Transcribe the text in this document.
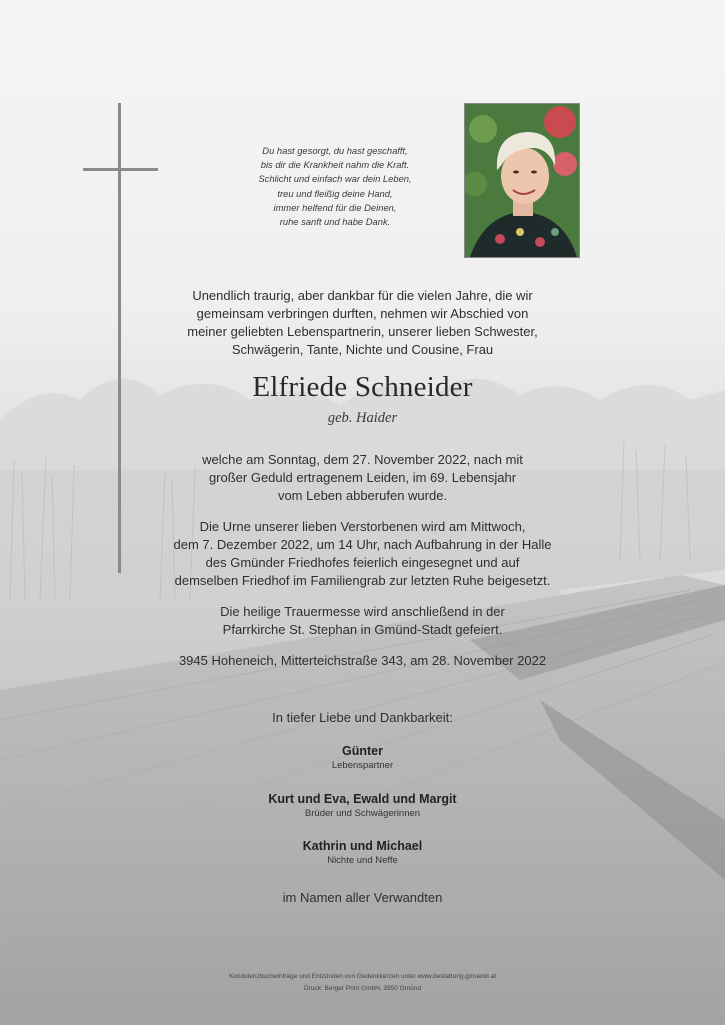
Du hast gesorgt, du hast geschafft,
bis dir die Krankheit nahm die Kraft.
Schlicht und einfach war dein Leben,
treu und fleißig deine Hand,
immer helfend für die Deinen,
ruhe sanft und habe Dank.
Unendlich traurig, aber dankbar für die vielen Jahre, die wir
gemeinsam verbringen durften, nehmen wir Abschied von
meiner geliebten Lebenspartnerin, unserer lieben Schwester,
Schwägerin, Tante, Nichte und Cousine, Frau
Elfriede Schneider
geb. Haider
welche am Sonntag, dem 27. November 2022, nach mit
großer Geduld ertragenem Leiden, im 69. Lebensjahr
vom Leben abberufen wurde.
Die Urne unserer lieben Verstorbenen wird am Mittwoch,
dem 7. Dezember 2022, um 14 Uhr, nach Aufbahrung in der Halle
des Gmünder Friedhofes feierlich eingesegnet und auf
demselben Friedhof im Familiengrab zur letzten Ruhe beigesetzt.
Die heilige Trauermesse wird anschließend in der
Pfarrkirche St. Stephan in Gmünd-Stadt gefeiert.
3945 Hoheneich, Mitterteichstraße 343, am 28. November 2022
In tiefer Liebe und Dankbarkeit:
Günter
Lebenspartner
Kurt und Eva, Ewald und Margit
Brüder und Schwägerinnen
Kathrin und Michael
Nichte und Neffe
im Namen aller Verwandten
Kondolenzbucheinträge und Entzünden von Gedenkkerzen unter www.bestattung.gmuend.at
Druck: Berger Print GmbH, 3950 Gmünd
